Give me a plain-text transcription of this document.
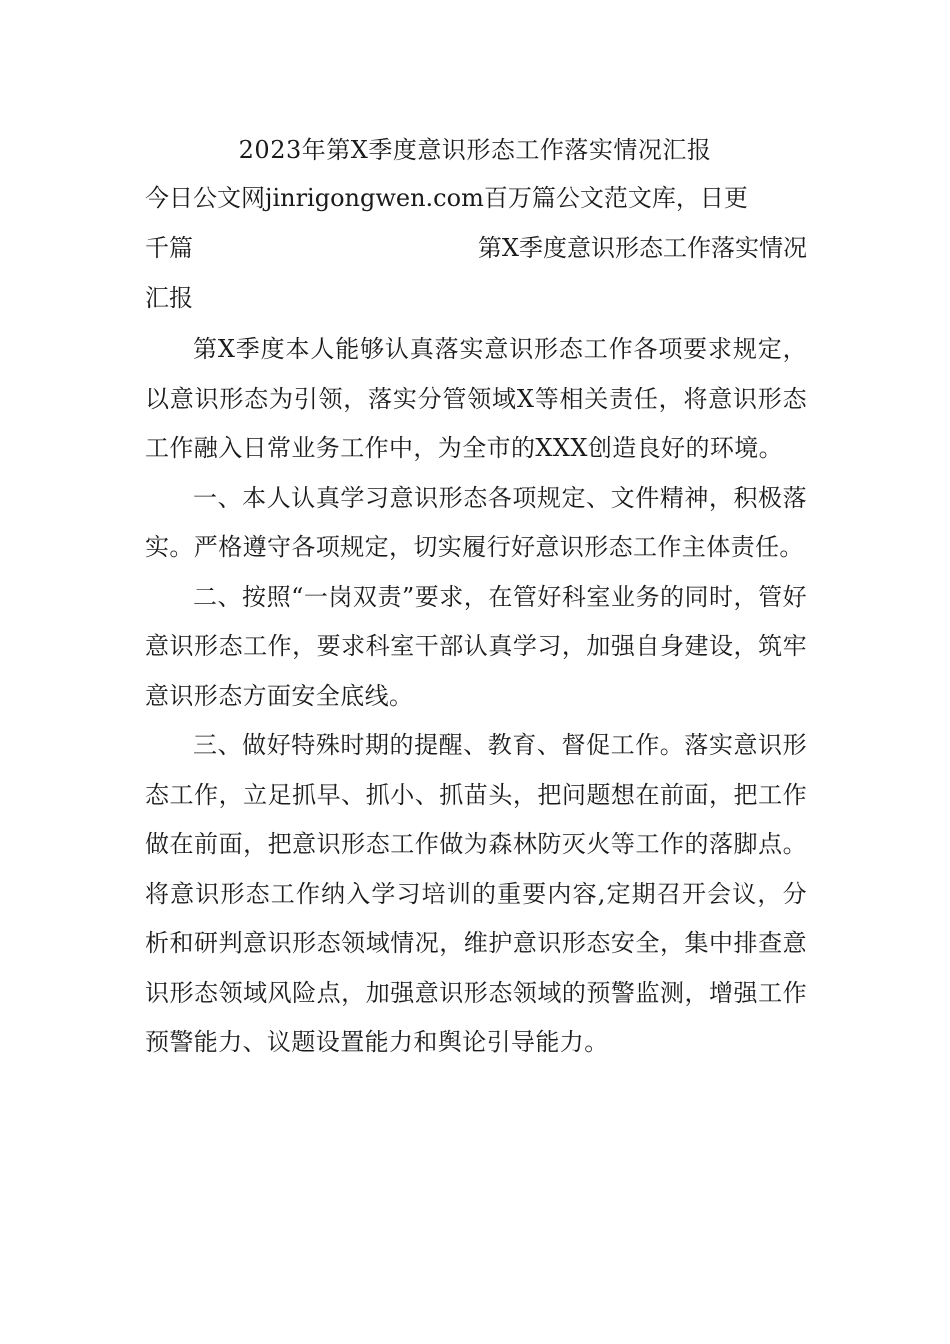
2023年第X季度意识形态工作落实情况汇报
今日公文网jinrigongwen.com百万篇公文范文库，日更
千篇	第X季度意识形态工作落实情况
汇报

第X季度本人能够认真落实意识形态工作各项要求规定，以意识形态为引领，落实分管领域X等相关责任，将意识形态工作融入日常业务工作中，为全市的XXX创造良好的环境。

一、本人认真学习意识形态各项规定、文件精神，积极落实。严格遵守各项规定，切实履行好意识形态工作主体责任。

二、按照“一岗双责”要求，在管好科室业务的同时，管好意识形态工作，要求科室干部认真学习，加强自身建设，筑牢意识形态方面安全底线。

三、做好特殊时期的提醒、教育、督促工作。落实意识形态工作，立足抓早、抓小、抓苗头，把问题想在前面，把工作做在前面，把意识形态工作做为森林防灭火等工作的落脚点。将意识形态工作纳入学习培训的重要内容,定期召开会议，分析和研判意识形态领域情况，维护意识形态安全，集中排查意识形态领域风险点，加强意识形态领域的预警监测，增强工作预警能力、议题设置能力和舆论引导能力。
